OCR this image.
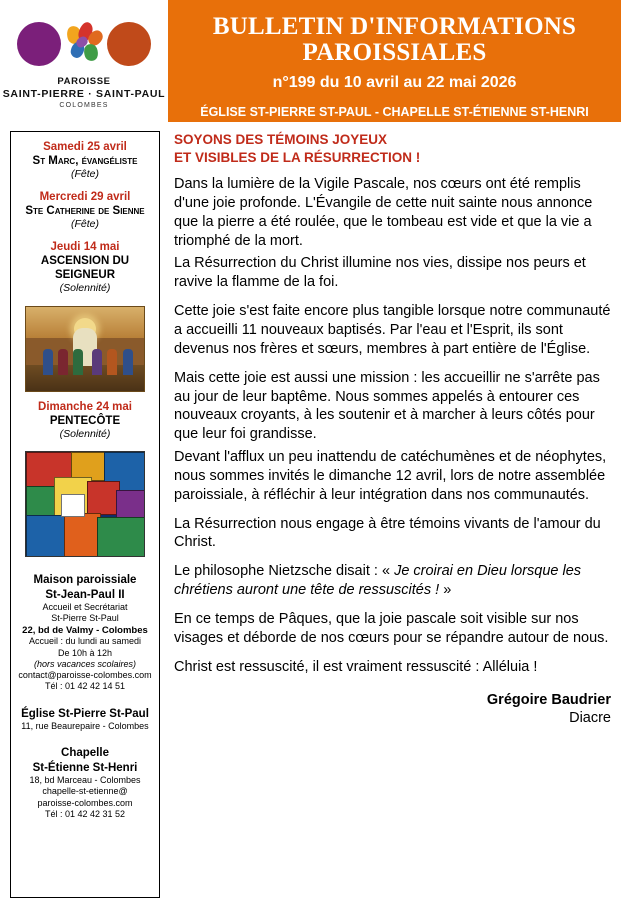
PAROISSE
SAINT-PIERRE · SAINT-PAUL
COLOMBES
BULLETIN D'INFORMATIONS PAROISSIALES
n°199 du 10 avril au 22 mai 2026
ÉGLISE ST-PIERRE ST-PAUL - CHAPELLE ST-ÉTIENNE ST-HENRI
Samedi 25 avril
St Marc, évangéliste
(Fête)
Mercredi 29 avril
Ste Catherine de Sienne
(Fête)
Jeudi 14 mai
ASCENSION DU SEIGNEUR
(Solennité)
Dimanche 24 mai
PENTECÔTE
(Solennité)
Maison paroissiale
St-Jean-Paul II
Accueil et Secrétariat
St-Pierre St-Paul
22, bd de Valmy - Colombes
Accueil : du lundi au samedi
De 10h à 12h
(hors vacances scolaires)
contact@paroisse-colombes.com
Tél : 01 42 42 14 51
Église St-Pierre St-Paul
11, rue Beaurepaire - Colombes
Chapelle
St-Étienne St-Henri
18, bd Marceau - Colombes
chapelle-st-etienne@
paroisse-colombes.com
Tél : 01 42 42 31 52
SOYONS DES TÉMOINS JOYEUX
ET VISIBLES DE LA RÉSURRECTION !
Dans la lumière de la Vigile Pascale, nos cœurs ont été remplis d'une joie profonde. L'Évangile de cette nuit sainte nous annonce que la pierre a été roulée, que le tombeau est vide et que la vie a triomphé de la mort.
La Résurrection du Christ illumine nos vies, dissipe nos peurs et ravive la flamme de la foi.
Cette joie s'est faite encore plus tangible lorsque notre communauté a accueilli 11 nouveaux baptisés. Par l'eau et l'Esprit, ils sont devenus nos frères et sœurs, membres à part entière de l'Église.
Mais cette joie est aussi une mission : les accueillir ne s'arrête pas au jour de leur baptême. Nous sommes appelés à entourer ces nouveaux croyants, à les soutenir et à marcher à leurs côtés pour que leur foi grandisse.
Devant l'afflux un peu inattendu de catéchumènes et de néophytes, nous sommes invités le dimanche 12 avril, lors de notre assemblée paroissiale, à réfléchir à leur intégration dans nos communautés.
La Résurrection nous engage à être témoins vivants de l'amour du Christ.
Le philosophe Nietzsche disait : « Je croirai en Dieu lorsque les chrétiens auront une tête de ressuscités ! »
En ce temps de Pâques, que la joie pascale soit visible sur nos visages et déborde de nos cœurs pour se répandre autour de nous.
Christ est ressuscité, il est vraiment ressuscité : Alléluia !
Grégoire Baudrier
Diacre
